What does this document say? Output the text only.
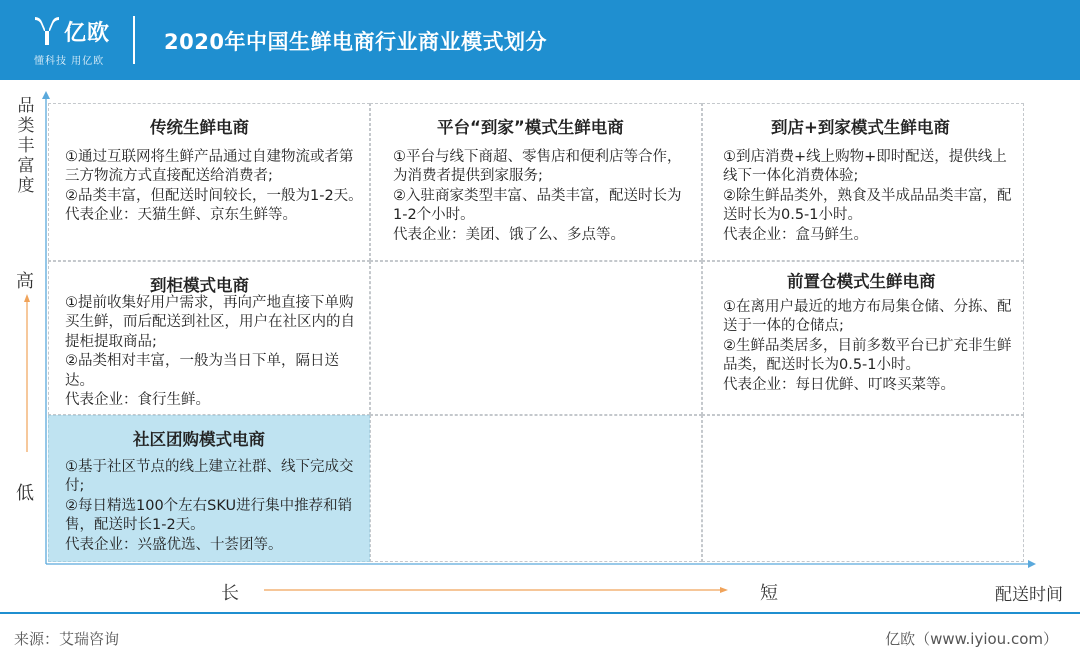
亿欧
懂科技 用亿欧
2020年中国生鲜电商行业商业模式划分
品
类
丰
富
度
高
低
长	短	配送时间
传统生鲜电商

①通过互联网将生鲜产品通过自建物流或者第三方物流方式直接配送给消费者;

②品类丰富，但配送时间较长，一般为1-2天。

代表企业：天猫生鲜、京东生鲜等。

平台“到家”模式生鲜电商

①平台与线下商超、零售店和便利店等合作，为消费者提供到家服务;

②入驻商家类型丰富、品类丰富，配送时长为1-2个小时。

代表企业：美团、饿了么、多点等。

到店+到家模式生鲜电商

①到店消费+线上购物+即时配送，提供线上线下一体化消费体验;

②除生鲜品类外，熟食及半成品品类丰富，配送时长为0.5-1小时。

代表企业：盒马鲜生。

到柜模式电商

①提前收集好用户需求，再向产地直接下单购买生鲜，而后配送到社区，用户在社区内的自提柜提取商品;

②品类相对丰富，一般为当日下单，隔日送达。

代表企业：食行生鲜。

前置仓模式生鲜电商

①在离用户最近的地方布局集仓储、分拣、配送于一体的仓储点;

②生鲜品类居多，目前多数平台已扩充非生鲜品类，配送时长为0.5-1小时。

代表企业：每日优鲜、叮咚买菜等。

社区团购模式电商

①基于社区节点的线上建立社群、线下完成交付;

②每日精选100个左右SKU进行集中推荐和销售，配送时长1-2天。

代表企业：兴盛优选、十荟团等。

来源：艾瑞咨询	亿欧（www.iyiou.com）
